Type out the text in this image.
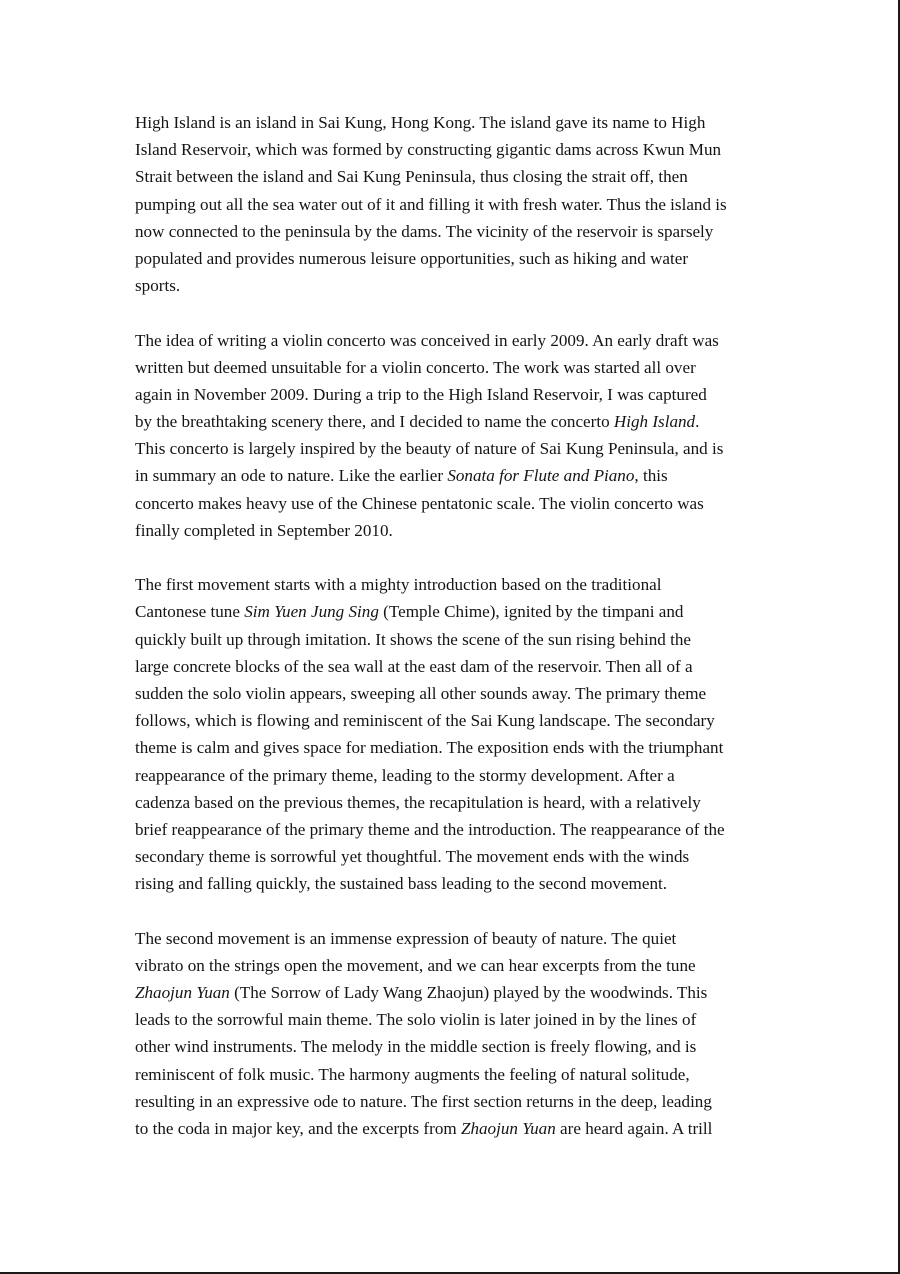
High Island is an island in Sai Kung, Hong Kong. The island gave its name to High
Island Reservoir, which was formed by constructing gigantic dams across Kwun Mun
Strait between the island and Sai Kung Peninsula, thus closing the strait off, then
pumping out all the sea water out of it and filling it with fresh water. Thus the island is
now connected to the peninsula by the dams. The vicinity of the reservoir is sparsely
populated and provides numerous leisure opportunities, such as hiking and water
sports.

The idea of writing a violin concerto was conceived in early 2009. An early draft was
written but deemed unsuitable for a violin concerto. The work was started all over
again in November 2009. During a trip to the High Island Reservoir, I was captured
by the breathtaking scenery there, and I decided to name the concerto High Island.
This concerto is largely inspired by the beauty of nature of Sai Kung Peninsula, and is
in summary an ode to nature. Like the earlier Sonata for Flute and Piano, this
concerto makes heavy use of the Chinese pentatonic scale. The violin concerto was
finally completed in September 2010.

The first movement starts with a mighty introduction based on the traditional
Cantonese tune Sim Yuen Jung Sing (Temple Chime), ignited by the timpani and
quickly built up through imitation. It shows the scene of the sun rising behind the
large concrete blocks of the sea wall at the east dam of the reservoir. Then all of a
sudden the solo violin appears, sweeping all other sounds away. The primary theme
follows, which is flowing and reminiscent of the Sai Kung landscape. The secondary
theme is calm and gives space for mediation. The exposition ends with the triumphant
reappearance of the primary theme, leading to the stormy development. After a
cadenza based on the previous themes, the recapitulation is heard, with a relatively
brief reappearance of the primary theme and the introduction. The reappearance of the
secondary theme is sorrowful yet thoughtful. The movement ends with the winds
rising and falling quickly, the sustained bass leading to the second movement.

The second movement is an immense expression of beauty of nature. The quiet
vibrato on the strings open the movement, and we can hear excerpts from the tune
Zhaojun Yuan (The Sorrow of Lady Wang Zhaojun) played by the woodwinds. This
leads to the sorrowful main theme. The solo violin is later joined in by the lines of
other wind instruments. The melody in the middle section is freely flowing, and is
reminiscent of folk music. The harmony augments the feeling of natural solitude,
resulting in an expressive ode to nature. The first section returns in the deep, leading
to the coda in major key, and the excerpts from Zhaojun Yuan are heard again. A trill
